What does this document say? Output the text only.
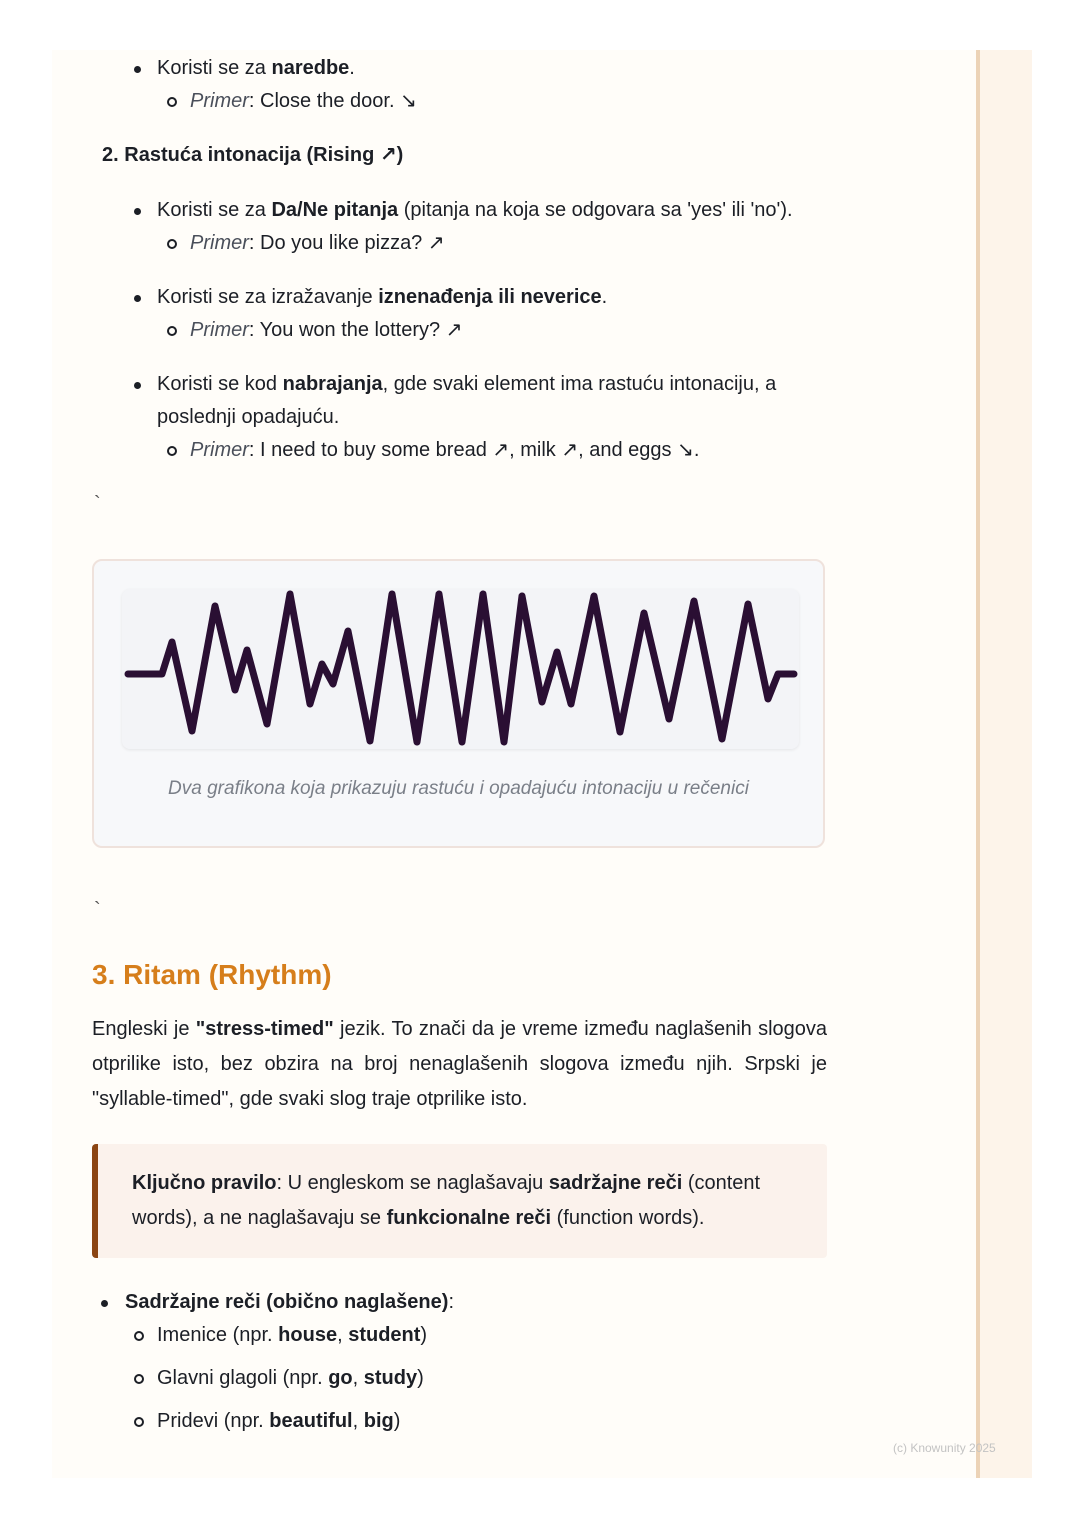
Koristi se za naredbe.
Primer: Close the door. ↘
2. Rastuća intonacija (Rising ↗)
Koristi se za Da/Ne pitanja (pitanja na koja se odgovara sa 'yes' ili 'no').
Primer: Do you like pizza? ↗
Koristi se za izražavanje iznenađenja ili neverice.
Primer: You won the lottery? ↗
Koristi se kod nabrajanja, gde svaki element ima rastuću intonaciju, a poslednji opadajuću.
Primer: I need to buy some bread ↗, milk ↗, and eggs ↘.
`
Dva grafikona koja prikazuju rastuću i opadajuću intonaciju u rečenici
`
3. Ritam (Rhythm)

Engleski je "stress-timed" jezik. To znači da je vreme između naglašenih slogova otprilike isto, bez obzira na broj nenaglašenih slogova između njih. Srpski je "syllable-timed", gde svaki slog traje otprilike isto.

Ključno pravilo: U engleskom se naglašavaju sadržajne reči (content words), a ne naglašavaju se funkcionalne reči (function words).
Sadržajne reči (obično naglašene):
Imenice (npr. house, student)
Glavni glagoli (npr. go, study)
Pridevi (npr. beautiful, big)
(c) Knowunity 2025
